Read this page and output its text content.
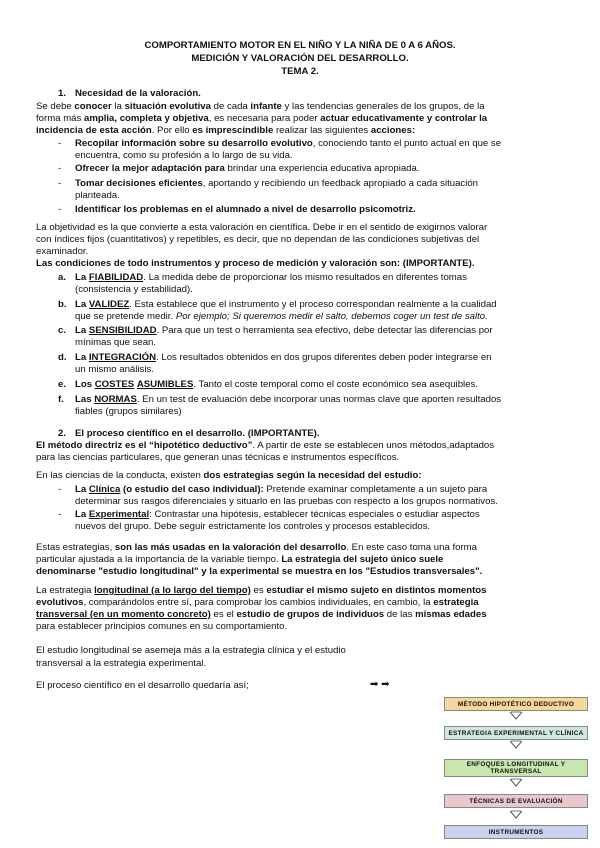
COMPORTAMIENTO MOTOR EN EL NIÑO Y LA NIÑA DE 0 A 6 AÑOS.
MEDICIÓN Y VALORACIÓN DEL DESARROLLO.
TEMA 2.
1. Necesidad de la valoración.
Se debe conocer la situación evolutiva de cada infante y las tendencias generales de los grupos, de la
forma más amplia, completa y objetiva, es necesaria para poder actuar educativamente y controlar la
incidencia de esta acción. Por ello es imprescindible realizar las siguientes acciones:
- Recopilar información sobre su desarrollo evolutivo, conociendo tanto el punto actual en que se
encuentra, como su profesión a lo largo de su vida.
- Ofrecer la mejor adaptación para brindar una experiencia educativa apropiada.
- Tomar decisiones eficientes, aportando y recibiendo un feedback apropiado a cada situación
planteada.
- Identificar los problemas en el alumnado a nivel de desarrollo psicomotriz.
La objetividad es la que convierte a esta valoración en científica. Debe ir en el sentido de exigirnos valorar
con índices fijos (cuantitativos) y repetibles, es decir, que no dependan de las condiciones subjetivas del
examinador.
Las condiciones de todo instrumentos y proceso de medición y valoración son: (IMPORTANTE).
a. La FIABILIDAD. La medida debe de proporcionar los mismo resultados en diferentes tomas
(consistencia y estabilidad).
b. La VALIDEZ. Esta establece que el instrumento y el proceso correspondan realmente a la cualidad
que se pretende medir. Por ejemplo; Si queremos medir el salto, debemos coger un test de salto.
c. La SENSIBILIDAD. Para que un test o herramienta sea efectivo, debe detectar las diferencias por
mínimas que sean.
d. La INTEGRACIÓN. Los resultados obtenidos en dos grupos diferentes deben poder integrarse en
un mismo análisis.
e. Los COSTES ASUMIBLES. Tanto el coste temporal como el coste económico sea asequibles.
f. Las NORMAS. En un test de evaluación debe incorporar unas normas clave que aporten resultados
fiables (grupos similares)
2. El proceso científico en el desarrollo. (IMPORTANTE).
El método directriz es el “hipotético deductivo”. A partir de este se establecen unos métodos,adaptados
para las ciencias particulares, que generan unas técnicas e instrumentos específicos.
En las ciencias de la conducta, existen dos estrategias según la necesidad del estudio:
- La Clínica (o estudio del caso individual): Pretende examinar completamente a un sujeto para
determinar sus rasgos diferenciales y situarlo en las pruebas con respecto a los grupos normativos.
- La Experimental: Contrastar una hipótesis, establecer técnicas especiales o estudiar aspectos
nuevos del grupo. Debe seguir estrictamente los controles y procesos establecidos.
Estas estrategias, son las más usadas en la valoración del desarrollo. En este caso toma una forma
particular ajustada a la importancia de la variable tiempo. La estrategia del sujeto único suele
denominarse "estudio longitudinal" y la experimental se muestra en los "Estudios transversales".
La estrategia longitudinal (a lo largo del tiempo) es estudiar el mismo sujeto en distintos momentos
evolutivos, comparándolos entre sí, para comprobar los cambios individuales, en cambio, la estrategia
transversal (en un momento concreto) es el estudio de grupos de individuos de las mismas edades
para establecer principios comunes en su comportamiento.
El estudio longitudinal se asemeja más a la estrategia clínica y el estudio
transversal a la estrategia experimental.
El proceso científico en el desarrollo quedaría así;	➡ ➡
MÉTODO HIPOTÉTICO DEDUCTIVO
ESTRATEGIA EXPERIMENTAL Y CLÍNICA
ENFOQUES LONGITUDINAL Y TRANSVERSAL
TÉCNICAS DE EVALUACIÓN
INSTRUMENTOS
